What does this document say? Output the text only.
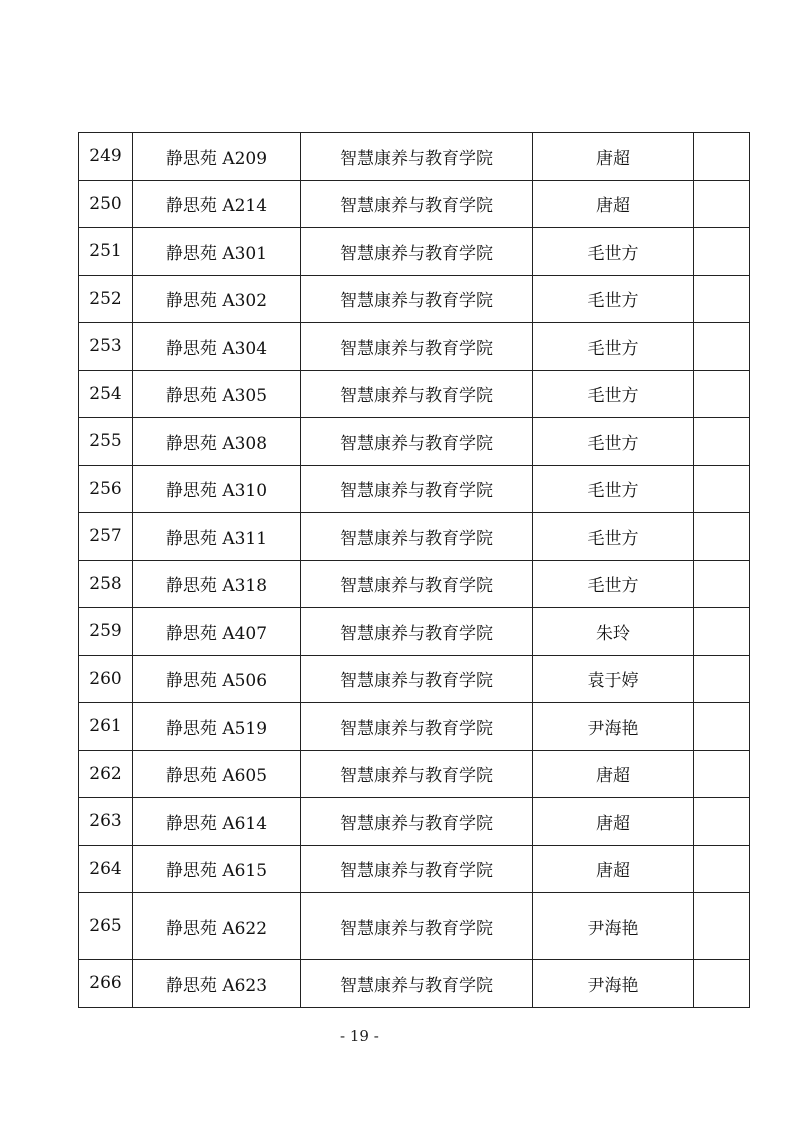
249	静思苑 A209	智慧康养与教育学院	唐超	
250	静思苑 A214	智慧康养与教育学院	唐超	
251	静思苑 A301	智慧康养与教育学院	毛世方	
252	静思苑 A302	智慧康养与教育学院	毛世方	
253	静思苑 A304	智慧康养与教育学院	毛世方	
254	静思苑 A305	智慧康养与教育学院	毛世方	
255	静思苑 A308	智慧康养与教育学院	毛世方	
256	静思苑 A310	智慧康养与教育学院	毛世方	
257	静思苑 A311	智慧康养与教育学院	毛世方	
258	静思苑 A318	智慧康养与教育学院	毛世方	
259	静思苑 A407	智慧康养与教育学院	朱玲	
260	静思苑 A506	智慧康养与教育学院	袁于婷	
261	静思苑 A519	智慧康养与教育学院	尹海艳	
262	静思苑 A605	智慧康养与教育学院	唐超	
263	静思苑 A614	智慧康养与教育学院	唐超	
264	静思苑 A615	智慧康养与教育学院	唐超	
265	静思苑 A622	智慧康养与教育学院	尹海艳	
266	静思苑 A623	智慧康养与教育学院	尹海艳	
- 19 -
